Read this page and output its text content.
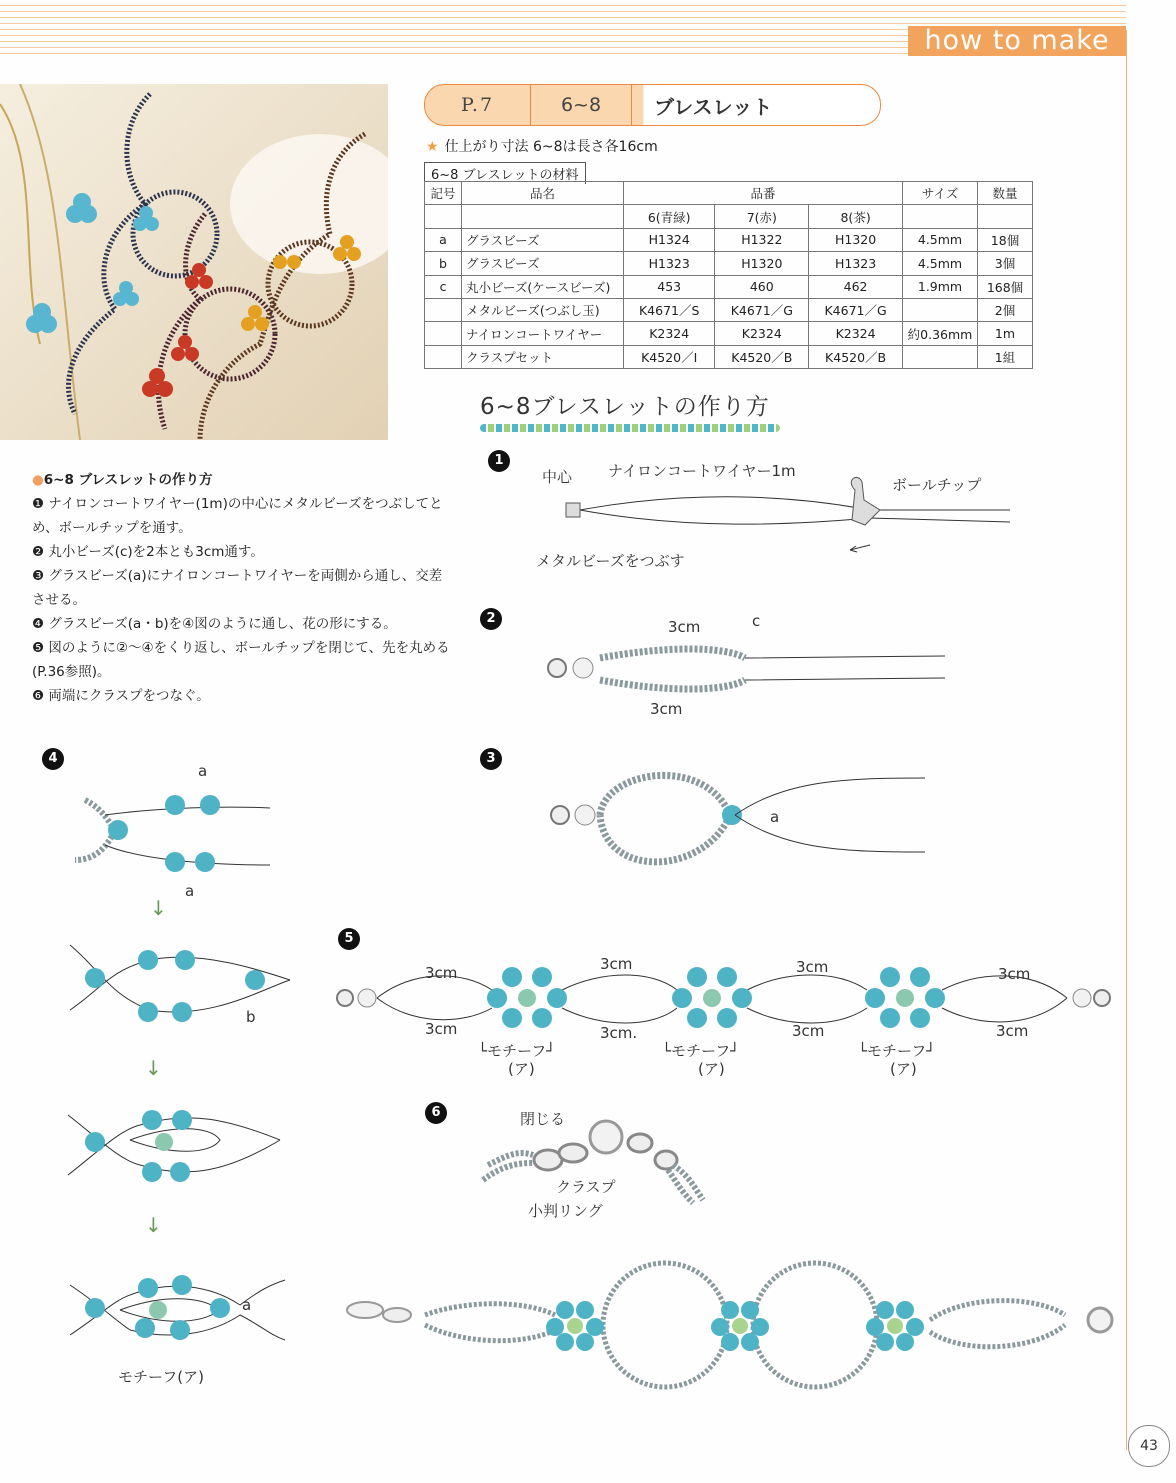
how to make
P.7	6~8	ブレスレット
★ 仕上がり寸法 6~8は長さ各16cm
6~8 ブレスレットの材料
記号	品名	品番			サイズ	数量
		6(青緑)	7(赤)	8(茶)		
a	グラスビーズ	H1324	H1322	H1320	4.5mm	18個
b	グラスビーズ	H1323	H1320	H1323	4.5mm	3個
c	丸小ビーズ(ケースビーズ)	453	460	462	1.9mm	168個
	メタルビーズ(つぶし玉)	K4671／S	K4671／G	K4671／G		2個
	ナイロンコートワイヤー	K2324	K2324	K2324	約0.36mm	1m
	クラスプセット	K4520／I	K4520／B	K4520／B		1組
6~8ブレスレットの作り方

●6~8 ブレスレットの作り方

❶ ナイロンコートワイヤー(1m)の中心にメタルビーズをつぶしてとめ、ボールチップを通す。

❷ 丸小ビーズ(c)を2本とも3cm通す。

❸ グラスビーズ(a)にナイロンコートワイヤーを両側から通し、交差させる。

❹ グラスビーズ(a・b)を④図のように通し、花の形にする。

❺ 図のように②～④をくり返し、ボールチップを閉じて、先を丸める(P.36参照)。

❻ 両端にクラスプをつなぐ。

1
中心 ナイロンコートワイヤー1m
ボールチップ
メタルビーズをつぶす
2	3cm	c
3cm
3
a
4
a
a
b
a
モチーフ(ア)
↓
↓
↓
5
3cm
3cm
3cm
3cm.
3cm
3cm
3cm
3cm
└モチーフ┘
(ア)
└モチーフ┘
(ア)
└モチーフ┘
(ア)
6	閉じる
クラスプ
小判リング
43
